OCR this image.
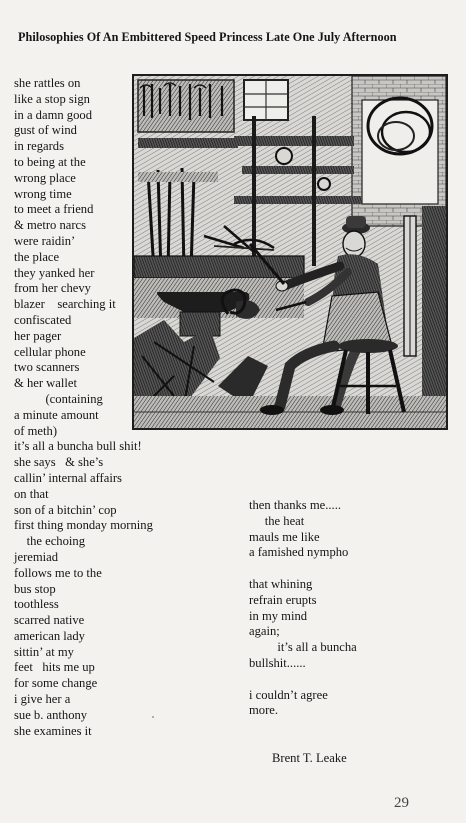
Philosophies Of An Embittered Speed Princess Late One July Afternoon
she rattles on
like a stop sign
in a damn good
gust of wind
in regards
to being at the
wrong place
wrong time
to meet a friend
& metro narcs
were raidin’
the place
they yanked her
from her chevy
blazer    searching it
confiscated
her pager
cellular phone
two scanners
& her wallet
(containing
a minute amount
of meth)
it’s all a buncha bull shit!
she says   & she’s
callin’ internal affairs
on that
son of a bitchin’ cop
first thing monday morning
the echoing
jeremiad
follows me to the
bus stop
toothless
scarred native
american lady
sittin’ at my
feet   hits me up
for some change
i give her a
sue b. anthony
she examines it
then thanks me.....
the heat
mauls me like
a famished nympho
that whining
refrain erupts
in my mind
again;
it’s all a buncha
bullshit......
i couldn’t agree
more.
Brent T. Leake
29
